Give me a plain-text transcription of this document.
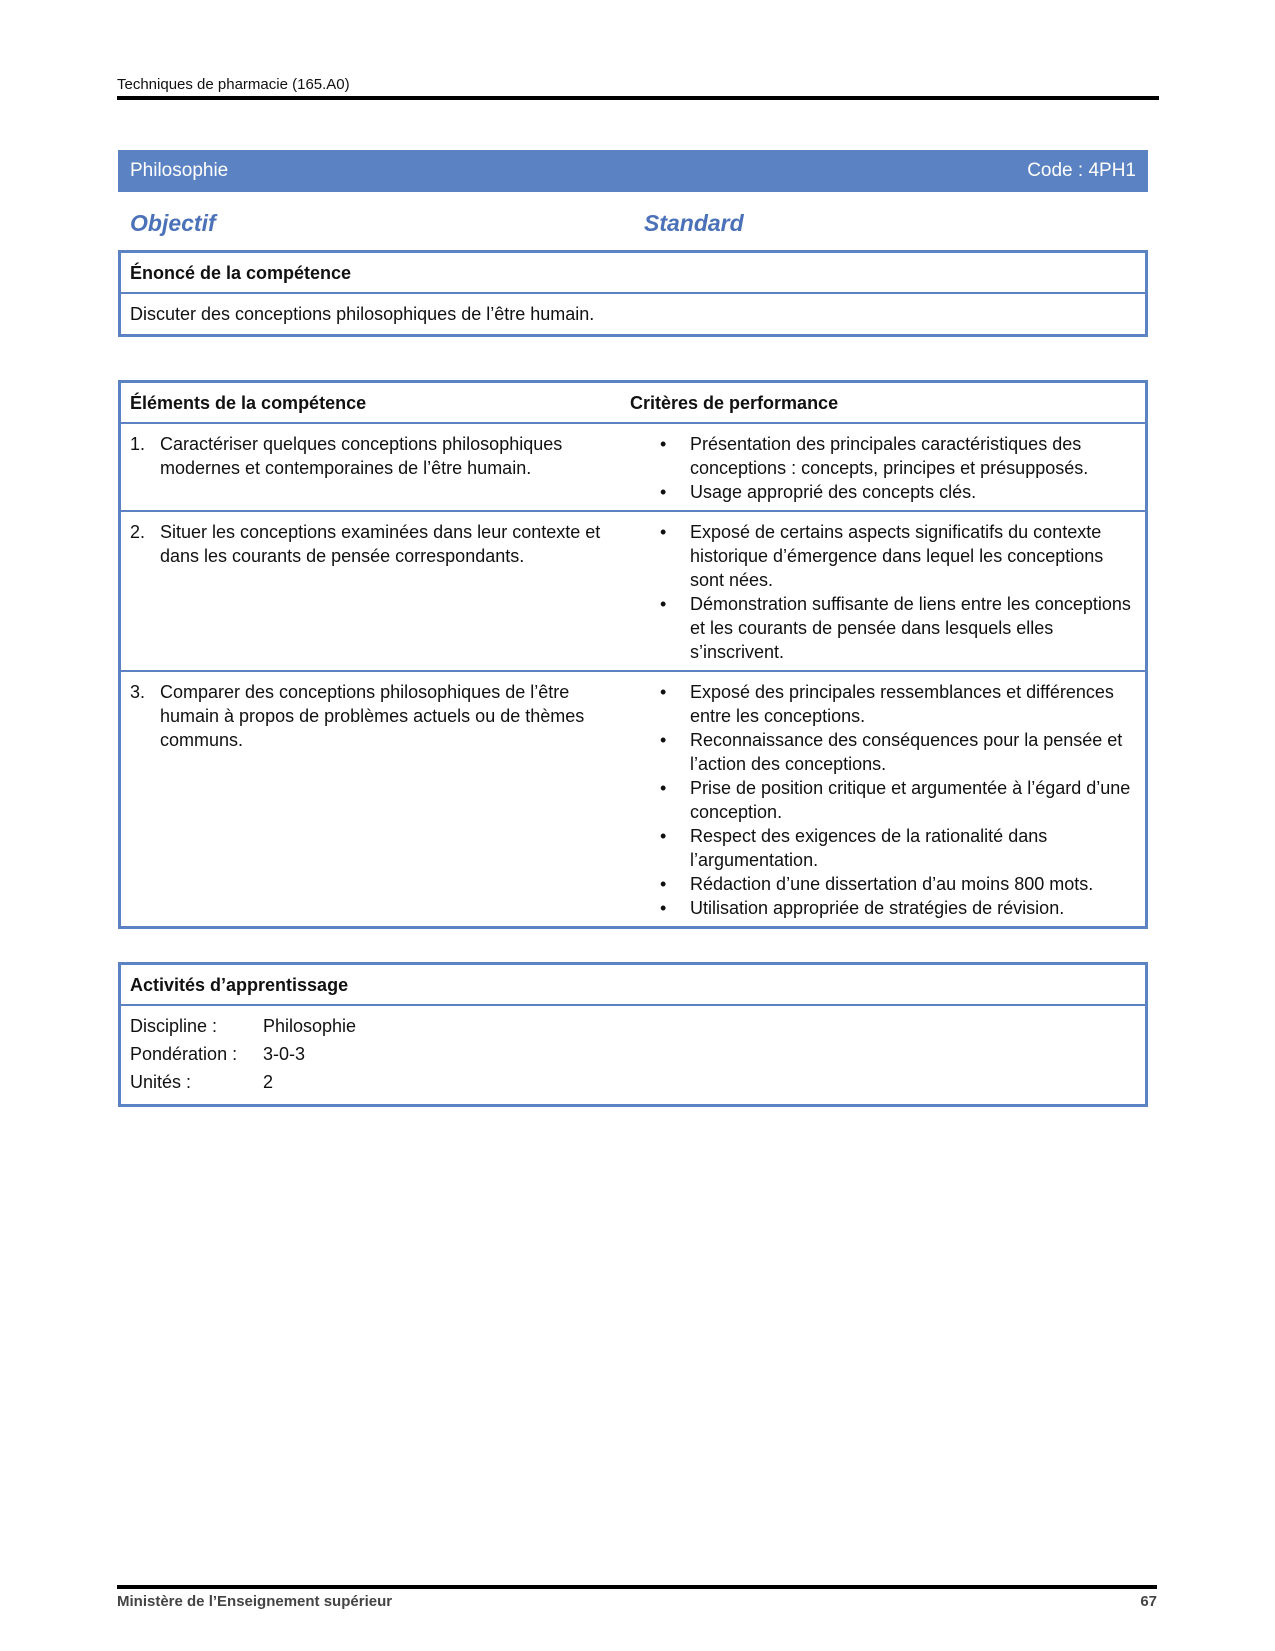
Techniques de pharmacie (165.A0)
Philosophie	Code : 4PH1
Objectif	Standard
Énoncé de la compétence
Discuter des conceptions philosophiques de l’être humain.
Éléments de la compétence	Critères de performance
1. Caractériser quelques conceptions philosophiques modernes et contemporaines de l’être humain.
•	Présentation des principales caractéristiques des conceptions : concepts, principes et présupposés.
•	Usage approprié des concepts clés.
2. Situer les conceptions examinées dans leur contexte et dans les courants de pensée correspondants.
•	Exposé de certains aspects significatifs du contexte historique d’émergence dans lequel les conceptions sont nées.
•	Démonstration suffisante de liens entre les conceptions et les courants de pensée dans lesquels elles s’inscrivent.
3. Comparer des conceptions philosophiques de l’être humain à propos de problèmes actuels ou de thèmes communs.
•	Exposé des principales ressemblances et différences entre les conceptions.
•	Reconnaissance des conséquences pour la pensée et l’action des conceptions.
•	Prise de position critique et argumentée à l’égard d’une conception.
•	Respect des exigences de la rationalité dans l’argumentation.
•	Rédaction d’une dissertation d’au moins 800 mots.
•	Utilisation appropriée de stratégies de révision.
Activités d’apprentissage
Discipline :	Philosophie
Pondération :	3-0-3
Unités :	2
Ministère de l’Enseignement supérieur	67
